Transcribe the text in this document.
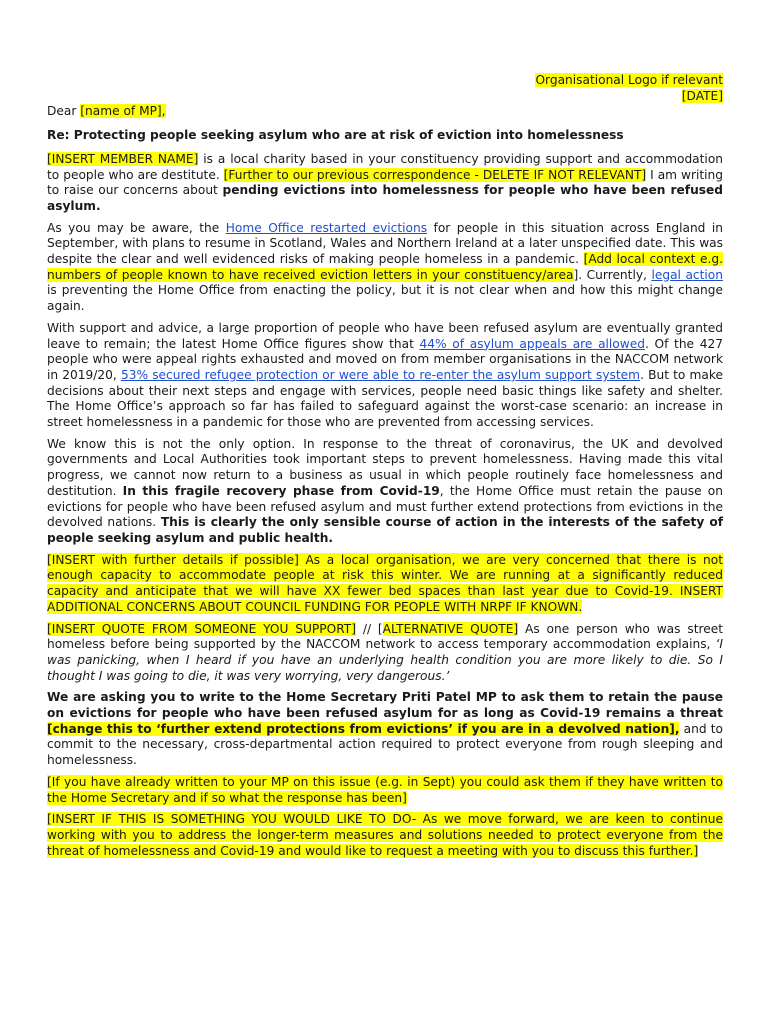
Organisational Logo if relevant
[DATE]

Dear [name of MP],

Re: Protecting people seeking asylum who are at risk of eviction into homelessness

[INSERT MEMBER NAME] is a local charity based in your constituency providing support and accommodation to people who are destitute. [Further to our previous correspondence - DELETE IF NOT RELEVANT] I am writing to raise our concerns about pending evictions into homelessness for people who have been refused asylum.

As you may be aware, the Home Office restarted evictions for people in this situation across England in September, with plans to resume in Scotland, Wales and Northern Ireland at a later unspecified date. This was despite the clear and well evidenced risks of making people homeless in a pandemic. [Add local context e.g. numbers of people known to have received eviction letters in your constituency/area]. Currently, legal action is preventing the Home Office from enacting the policy, but it is not clear when and how this might change again.

With support and advice, a large proportion of people who have been refused asylum are eventually granted leave to remain; the latest Home Office figures show that 44% of asylum appeals are allowed. Of the 427 people who were appeal rights exhausted and moved on from member organisations in the NACCOM network in 2019/20, 53% secured refugee protection or were able to re-enter the asylum support system. But to make decisions about their next steps and engage with services, people need basic things like safety and shelter. The Home Office’s approach so far has failed to safeguard against the worst-case scenario: an increase in street homelessness in a pandemic for those who are prevented from accessing services.

We know this is not the only option. In response to the threat of coronavirus, the UK and devolved governments and Local Authorities took important steps to prevent homelessness. Having made this vital progress, we cannot now return to a business as usual in which people routinely face homelessness and destitution. In this fragile recovery phase from Covid-19, the Home Office must retain the pause on evictions for people who have been refused asylum and must further extend protections from evictions in the devolved nations. This is clearly the only sensible course of action in the interests of the safety of people seeking asylum and public health.

[INSERT with further details if possible] As a local organisation, we are very concerned that there is not enough capacity to accommodate people at risk this winter. We are running at a significantly reduced capacity and anticipate that we will have XX fewer bed spaces than last year due to Covid-19. INSERT ADDITIONAL CONCERNS ABOUT COUNCIL FUNDING FOR PEOPLE WITH NRPF IF KNOWN.

[INSERT QUOTE FROM SOMEONE YOU SUPPORT] // [ALTERNATIVE QUOTE] As one person who was street homeless before being supported by the NACCOM network to access temporary accommodation explains, ‘I was panicking, when I heard if you have an underlying health condition you are more likely to die. So I thought I was going to die, it was very worrying, very dangerous.’

We are asking you to write to the Home Secretary Priti Patel MP to ask them to retain the pause on evictions for people who have been refused asylum for as long as Covid-19 remains a threat [change this to ‘further extend protections from evictions’ if you are in a devolved nation], and to commit to the necessary, cross-departmental action required to protect everyone from rough sleeping and homelessness.

[If you have already written to your MP on this issue (e.g. in Sept) you could ask them if they have written to the Home Secretary and if so what the response has been]

[INSERT IF THIS IS SOMETHING YOU WOULD LIKE TO DO- As we move forward, we are keen to continue working with you to address the longer-term measures and solutions needed to protect everyone from the threat of homelessness and Covid-19 and would like to request a meeting with you to discuss this further.]
